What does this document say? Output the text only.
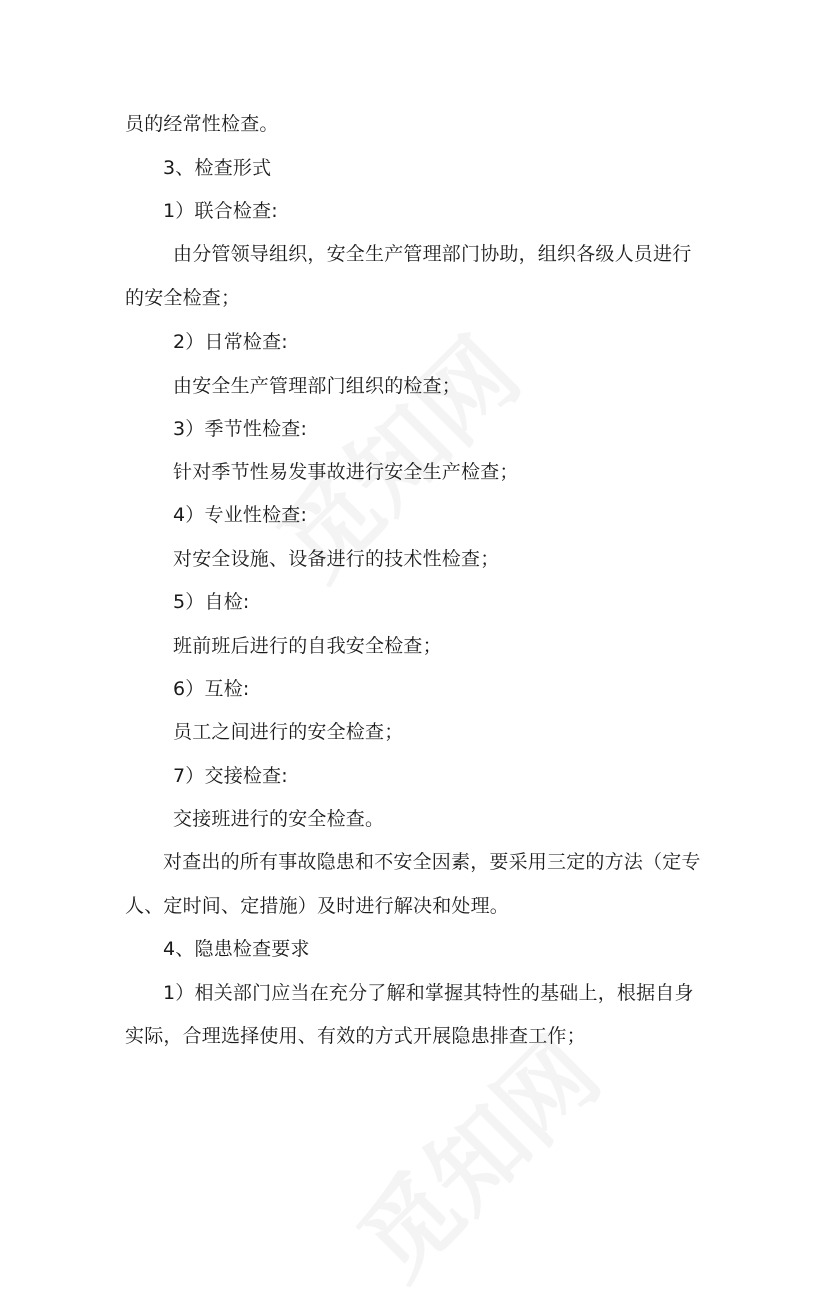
员的经常性检查。
3、检查形式
1）联合检查:
由分管领导组织，安全生产管理部门协助，组织各级人员进行
的安全检查；
2）日常检查:
由安全生产管理部门组织的检查；
3）季节性检查:
针对季节性易发事故进行安全生产检查；
4）专业性检查:
对安全设施、设备进行的技术性检查；
5）自检:
班前班后进行的自我安全检查；
6）互检:
员工之间进行的安全检查；
7）交接检查:
交接班进行的安全检查。
对查出的所有事故隐患和不安全因素，要采用三定的方法（定专
人、定时间、定措施）及时进行解决和处理。
4、隐患检查要求
1）相关部门应当在充分了解和掌握其特性的基础上，根据自身
实际，合理选择使用、有效的方式开展隐患排查工作；
